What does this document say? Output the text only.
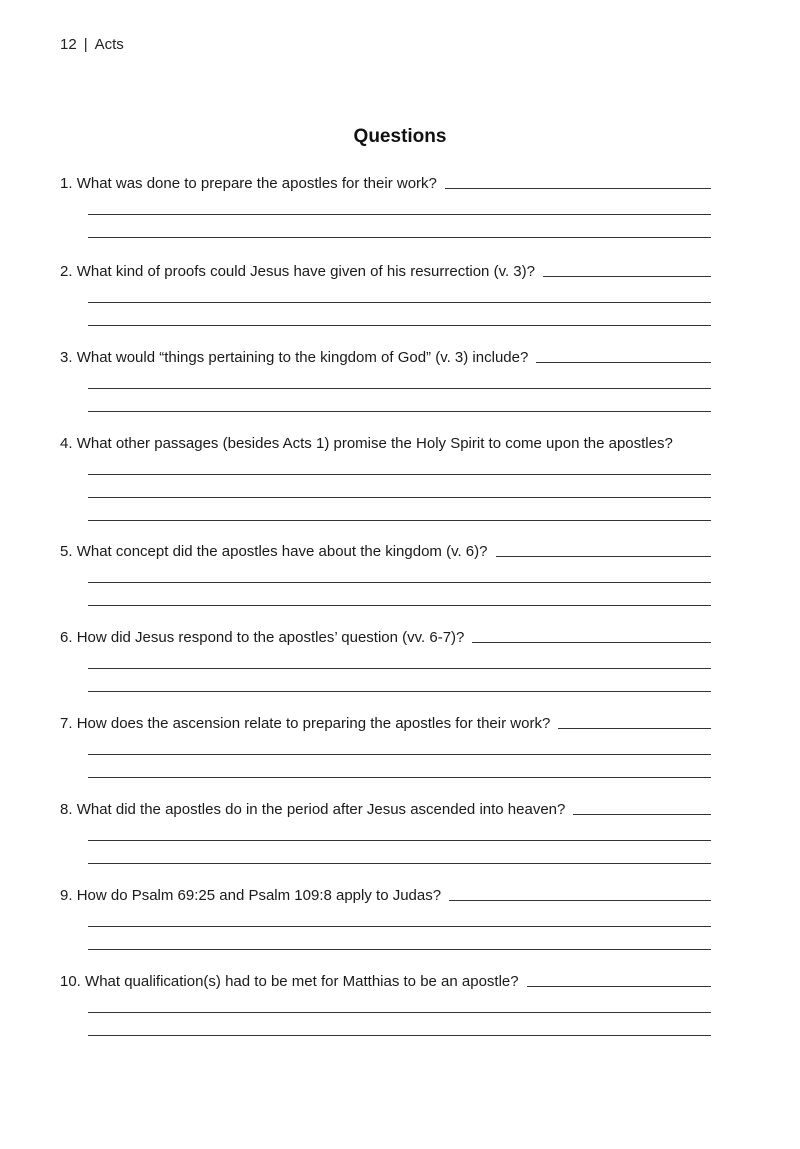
12 | Acts
Questions
1. What was done to prepare the apostles for their work?
2. What kind of proofs could Jesus have given of his resurrection (v. 3)?
3. What would “things pertaining to the kingdom of God” (v. 3) include?
4. What other passages (besides Acts 1) promise the Holy Spirit to come upon the apostles?
5. What concept did the apostles have about the kingdom (v. 6)?
6. How did Jesus respond to the apostles’ question (vv. 6-7)?
7. How does the ascension relate to preparing the apostles for their work?
8. What did the apostles do in the period after Jesus ascended into heaven?
9. How do Psalm 69:25 and Psalm 109:8 apply to Judas?
10. What qualification(s) had to be met for Matthias to be an apostle?
